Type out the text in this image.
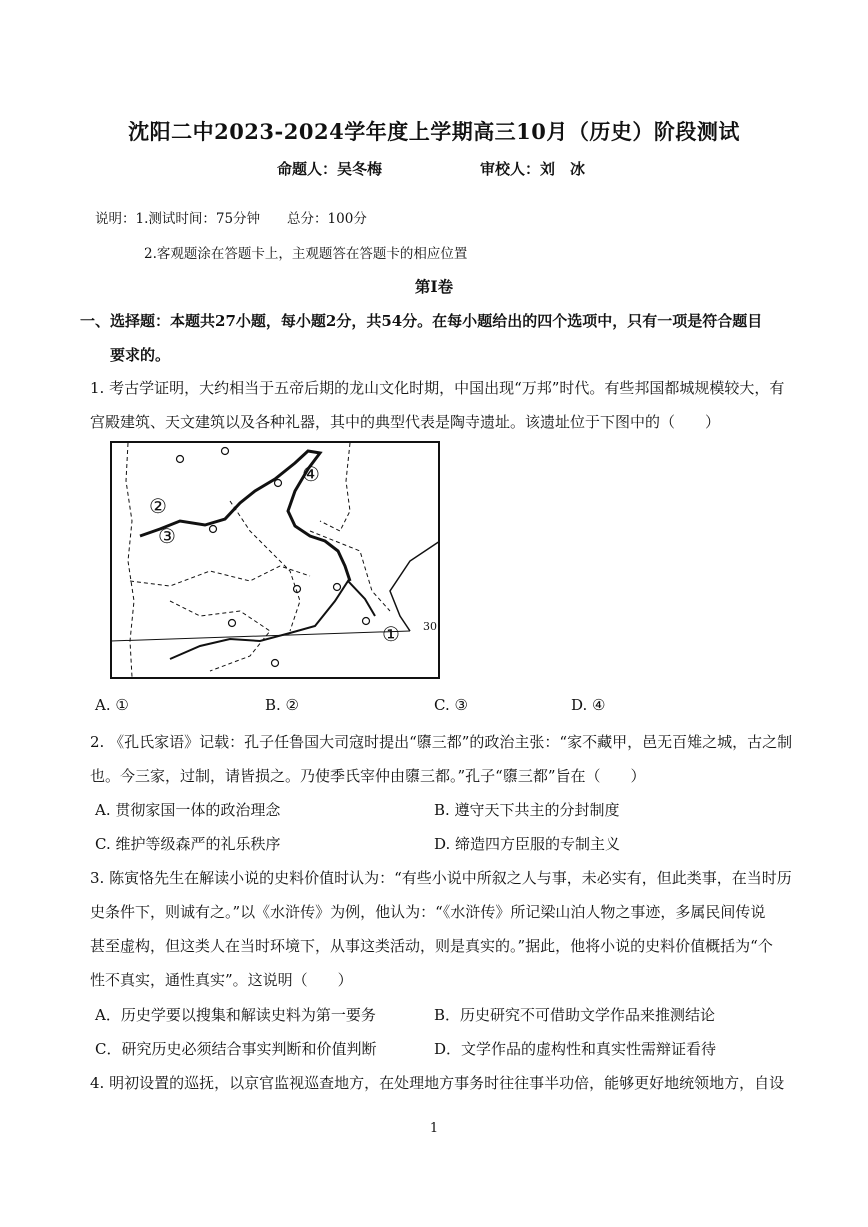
沈阳二中2023-2024学年度上学期高三10月（历史）阶段测试
命题人：吴冬梅	审校人：刘　冰
说明：1.测试时间：75分钟　　总分：100分
2.客观题涂在答题卡上，主观题答在答题卡的相应位置
第Ⅰ卷
一、选择题：本题共27小题，每小题2分，共54分。在每小题给出的四个选项中，只有一项是符合题目
要求的。
1. 考古学证明，大约相当于五帝后期的龙山文化时期，中国出现“万邦”时代。有些邦国都城规模较大，有
宫殿建筑、天文建筑以及各种礼器，其中的典型代表是陶寺遗址。该遗址位于下图中的（　　）
①
②
③
④
30
A. ①	B. ②	C. ③	D. ④
2. 《孔氏家语》记载：孔子任鲁国大司寇时提出“隳三都”的政治主张：“家不藏甲，邑无百雉之城，古之制
也。今三家，过制，请皆损之。乃使季氏宰仲由隳三都。”孔子“隳三都”旨在（　　）
A. 贯彻家国一体的政治理念	B. 遵守天下共主的分封制度
C. 维护等级森严的礼乐秩序	D. 缔造四方臣服的专制主义
3. 陈寅恪先生在解读小说的史料价值时认为：“有些小说中所叙之人与事，未必实有，但此类事，在当时历
史条件下，则诚有之。”以《水浒传》为例，他认为：“《水浒传》所记梁山泊人物之事迹，多属民间传说
甚至虚构，但这类人在当时环境下，从事这类活动，则是真实的。”据此，他将小说的史料价值概括为“个
性不真实，通性真实”。这说明（　　）
A．历史学要以搜集和解读史料为第一要务	B．历史研究不可借助文学作品来推测结论
C．研究历史必须结合事实判断和价值判断	D．文学作品的虚构性和真实性需辩证看待
4. 明初设置的巡抚，以京官监视巡查地方，在处理地方事务时往往事半功倍，能够更好地统领地方，自设
1
